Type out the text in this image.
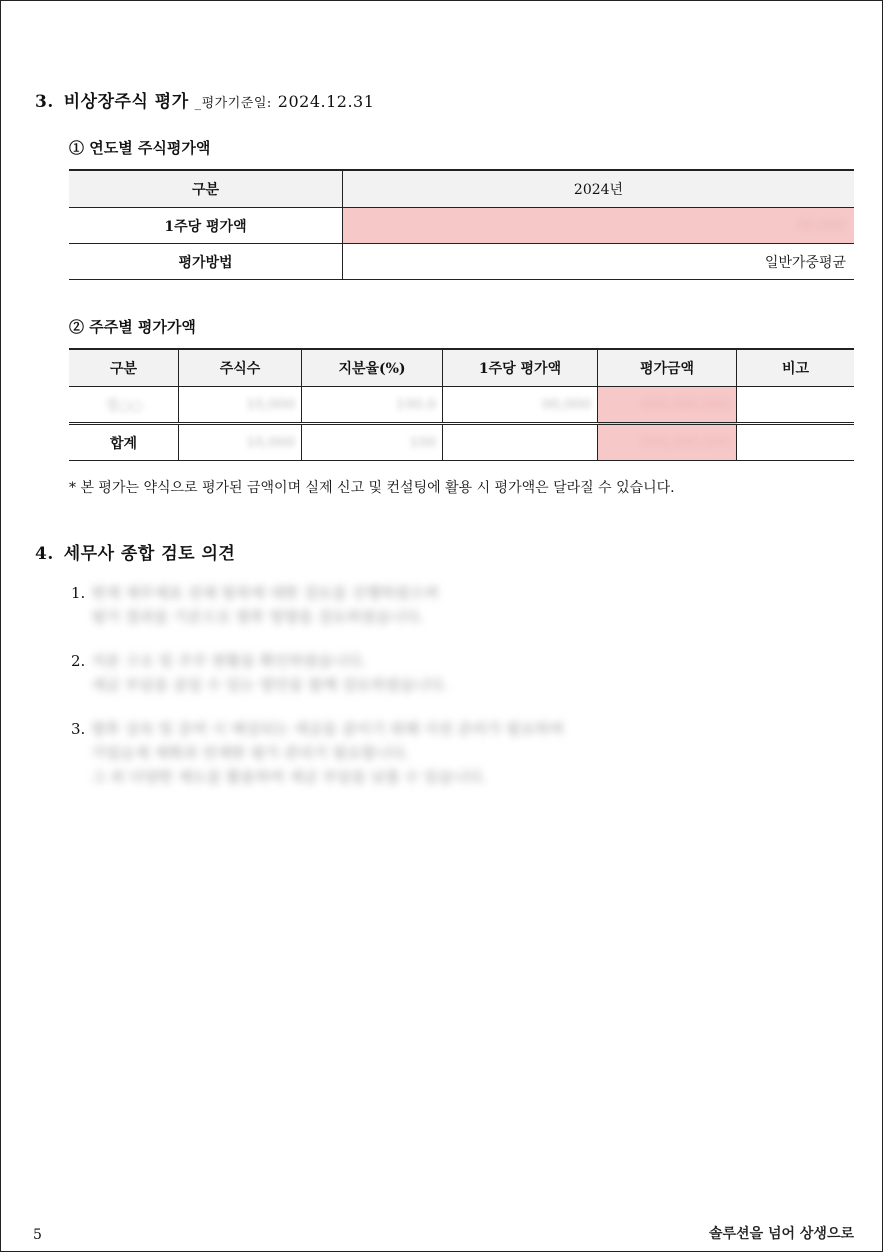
3. 비상장주식 평가 _평가기준일: 2024.12.31
① 연도별 주식평가액
구분	2024년
1주당 평가액	00,000
평가방법	일반가중평균
② 주주별 평가가액
구분	주식수	지분율(%)	1주당 평가액	평가금액	비고
정○○	10,000	100.0	00,000	000,000,000	
합계	10,000	100		000,000,000	
* 본 평가는 약식으로 평가된 금액이며 실제 신고 및 컨설팅에 활용 시 평가액은 달라질 수 있습니다.
4. 세무사 종합 검토 의견
1. 현재 재무제표 전체 항목에 대한 검토를 진행하였으며
평가 결과를 기준으로 향후 방향을 검토하였습니다.
2. 지분 구조 및 주주 현황을 확인하였습니다.
세금 부담을 줄일 수 있는 방안을 함께 검토하였습니다.
3. 향후 상속 및 증여 시 예상되는 세금을 줄이기 위해 사전 준비가 필요하며
가업승계 계획과 연계한 평가 관리가 필요합니다.
그 외 다양한 제도를 활용하여 세금 부담을 낮출 수 있습니다.
5	솔루션을 넘어 상생으로
